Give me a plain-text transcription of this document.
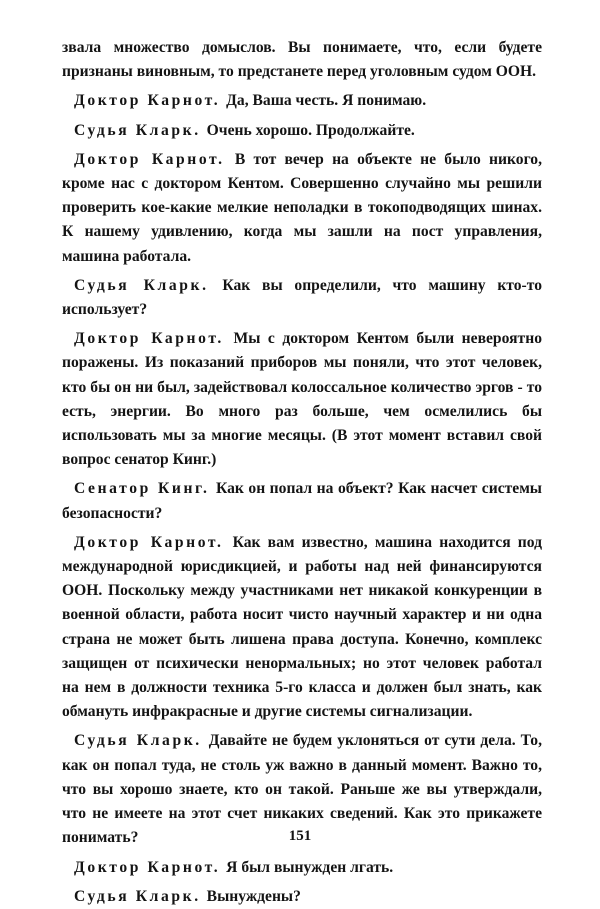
звала множество домыслов. Вы понимаете, что, если будете признаны виновным, то предстанете перед уголовным судом ООН.

Доктор Карнот. Да, Ваша честь. Я понимаю.

Судья Кларк. Очень хорошо. Продолжайте.

Доктор Карнот. В тот вечер на объекте не было никого, кроме нас с доктором Кентом. Совершенно случайно мы решили проверить кое-какие мелкие неполадки в токоподводящих шинах. К нашему удивлению, когда мы зашли на пост управления, машина работала.

Судья Кларк. Как вы определили, что машину кто-то использует?

Доктор Карнот. Мы с доктором Кентом были невероятно поражены. Из показаний приборов мы поняли, что этот человек, кто бы он ни был, задействовал колоссальное количество эргов - то есть, энергии. Во много раз больше, чем осмелились бы использовать мы за многие месяцы. (В этот момент вставил свой вопрос сенатор Кинг.)

Сенатор Кинг. Как он попал на объект? Как насчет системы безопасности?

Доктор Карнот. Как вам известно, машина находится под международной юрисдикцией, и работы над ней финансируются ООН. Поскольку между участниками нет никакой конкуренции в военной области, работа носит чисто научный характер и ни одна страна не может быть лишена права доступа. Конечно, комплекс защищен от психически ненормальных; но этот человек работал на нем в должности техника 5-го класса и должен был знать, как обмануть инфракрасные и другие системы сигнализации.

Судья Кларк. Давайте не будем уклоняться от сути дела. То, как он попал туда, не столь уж важно в данный момент. Важно то, что вы хорошо знаете, кто он такой. Раньше же вы утверждали, что не имеете на этот счет никаких сведений. Как это прикажете понимать?

Доктор Карнот. Я был вынужден лгать.

Судья Кларк. Вынуждены?

151
